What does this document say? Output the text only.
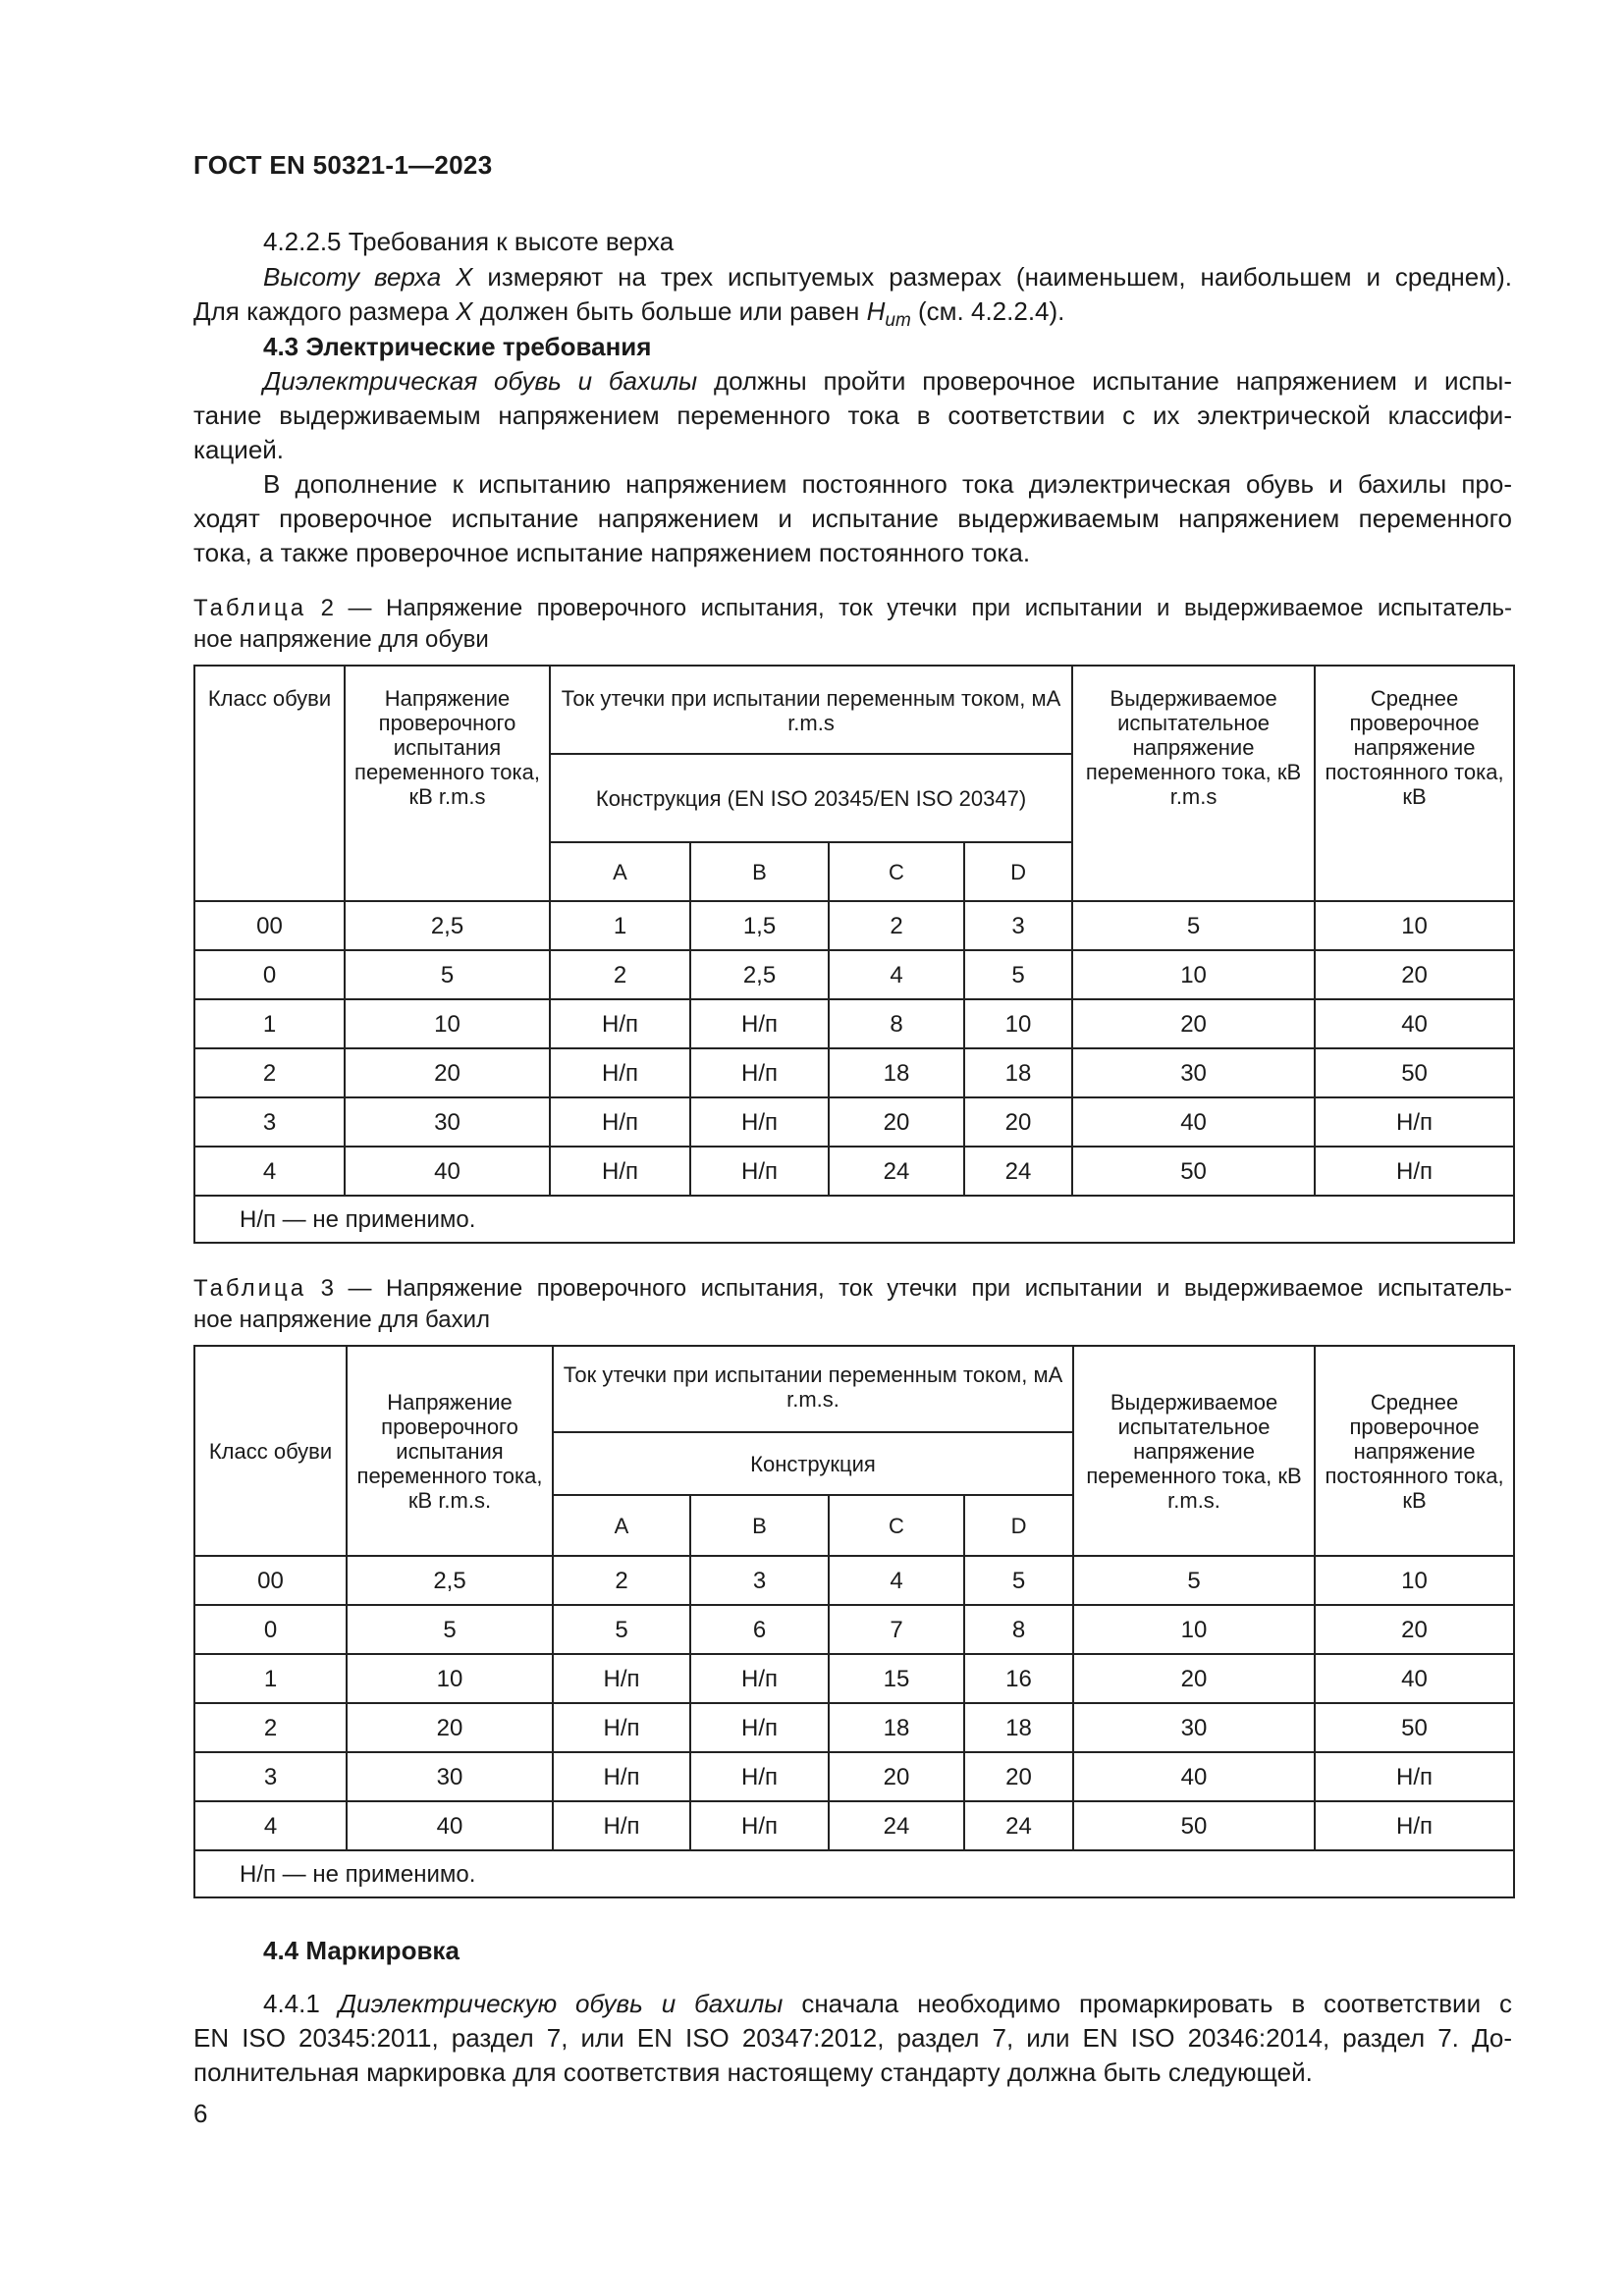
ГОСТ EN 50321-1—2023
4.2.2.5 Требования к высоте верха
Высоту верха Х измеряют на трех испытуемых размерах (наименьшем, наибольшем и среднем).
Для каждого размера Х должен быть больше или равен $H_{um}$ (см. 4.2.2.4).
4.3 Электрические требования
Диэлектрическая обувь и бахилы должны пройти проверочное испытание напряжением и испы-
тание выдерживаемым напряжением переменного тока в соответствии с их электрической классифи-
кацией.
В дополнение к испытанию напряжением постоянного тока диэлектрическая обувь и бахилы про-
ходят проверочное испытание напряжением и испытание выдерживаемым напряжением переменного
тока, а также проверочное испытание напряжением постоянного тока.
Таблица 2 — Напряжение проверочного испытания, ток утечки при испытании и выдерживаемое испытатель-
ное напряжение для обуви
Класс обуви	Напряжение проверочного испытания переменного тока, кВ r.m.s	Ток утечки при испытании переменным током, мА r.m.s				Выдерживаемое испытательное напряжение переменного тока, кВ r.m.s	Среднее проверочное напряжение постоянного тока, кВ
		Конструкция (EN ISO 20345/EN ISO 20347)					
		A	B	C	D		
00	2,5	1	1,5	2	3	5	10
0	5	2	2,5	4	5	10	20
1	10	Н/п	Н/п	8	10	20	40
2	20	Н/п	Н/п	18	18	30	50
3	30	Н/п	Н/п	20	20	40	Н/п
4	40	Н/п	Н/п	24	24	50	Н/п
Н/п — не применимо.							
Таблица 3 — Напряжение проверочного испытания, ток утечки при испытании и выдерживаемое испытатель-
ное напряжение для бахил
Класс обуви	Напряжение проверочного испытания переменного тока, кВ r.m.s.	Ток утечки при испытании переменным током, мА r.m.s.				Выдерживаемое испытательное напряжение переменного тока, кВ r.m.s.	Среднее проверочное напряжение постоянного тока, кВ
		Конструкция					
		A	B	C	D		
00	2,5	2	3	4	5	5	10
0	5	5	6	7	8	10	20
1	10	Н/п	Н/п	15	16	20	40
2	20	Н/п	Н/п	18	18	30	50
3	30	Н/п	Н/п	20	20	40	Н/п
4	40	Н/п	Н/п	24	24	50	Н/п
Н/п — не применимо.							
4.4 Маркировка
4.4.1 Диэлектрическую обувь и бахилы сначала необходимо промаркировать в соответствии с
EN ISO 20345:2011, раздел 7, или EN ISO 20347:2012, раздел 7, или EN ISO 20346:2014, раздел 7. До-
полнительная маркировка для соответствия настоящему стандарту должна быть следующей.
6
